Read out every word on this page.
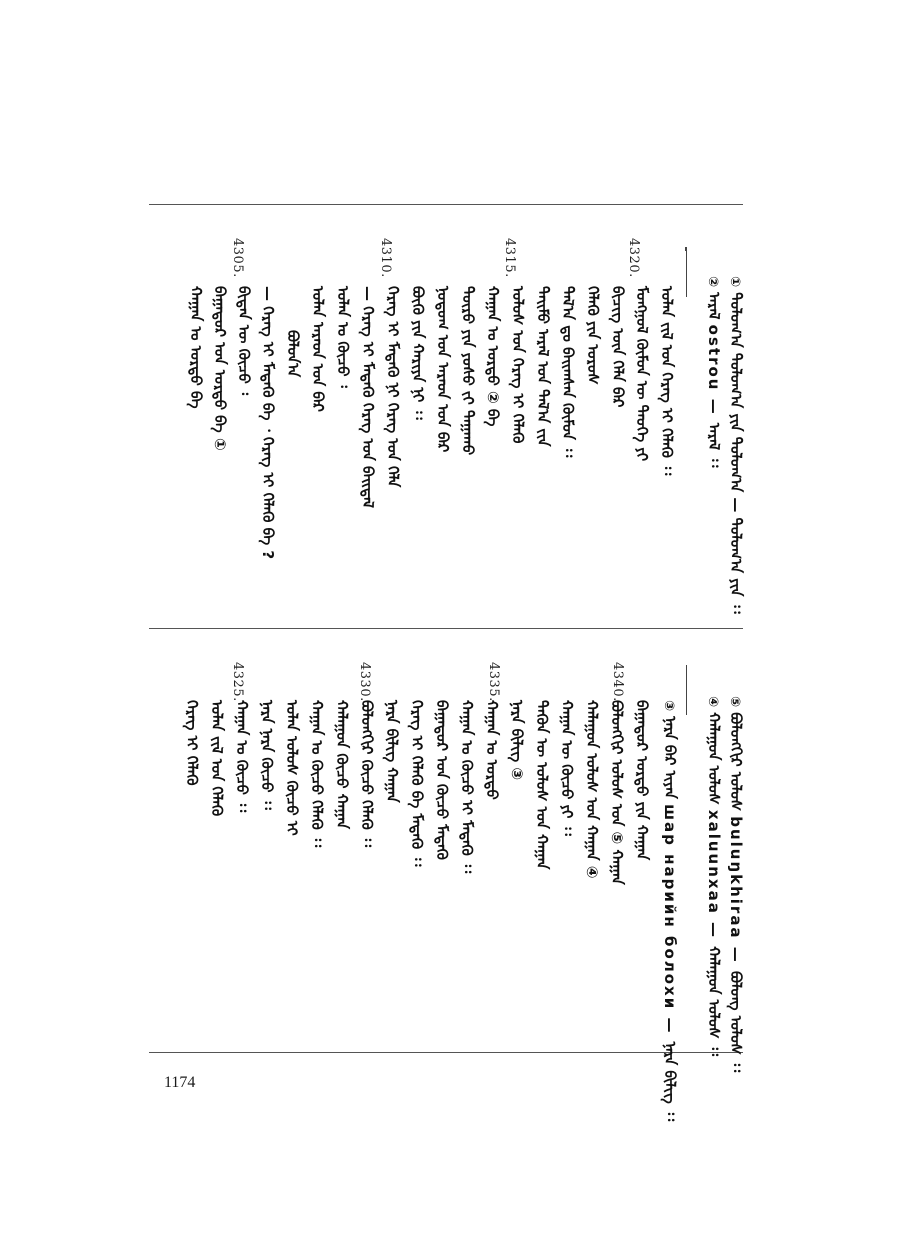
② ᠠᠷᠠᠯ ostrou — ᠠᠷᠠᠯ ᠄᠄
① ᠲᠣᠯᠣᠭ᠎ᠠ ᠲᠣᠯᠣᠭ᠎ᠠ ᠶᠢᠨ ᠲᠣᠯᠣᠭ᠎ᠠ — ᠲᠣᠯᠣᠭ᠎ᠠ ᠶᠢᠨ ᠄᠄
4320.
4315.
4310.
4305.
ᠣᠯᠠᠨ ᠵᠢᠯ ᠤᠨ ᠬᠡᠷᠡᠭ ᠢ ᠬᠡᠯᠡᠬᠦ ᠄᠄
ᠮᠣᠩᠭᠣᠯ ᠬᠦᠮᠦᠨ ᠦ ᠲᠡᠦᠬᠡ ᠶᠢ
ᠪᠢᠴᠢᠭ ᠦᠨ ᠬᠡᠯᠡ ᠪᠡᠷ
ᠬᠡᠯᠡᠬᠦ ᠶᠢᠨ ᠤᠷᠤᠰ
ᠲᠠᠯ᠎ᠠ ᠳᠤ ᠪᠠᠢᠭᠰᠠᠨ ᠬᠦᠮᠦᠨ ᠄᠄
ᠲᠠᠢᠮᠤ ᠠᠷᠠᠯ ᠤᠨ ᠲᠠᠯ᠎ᠠ ᠵᠢᠨ
ᠤᠯᠤᠰ ᠤᠨ ᠬᠡᠷᠡᠭ ᠢ ᠬᠡᠯᠡᠬᠦ
ᠬᠠᠭᠠᠨ ᠤ ᠣᠷᠳᠣ ② ᠪᠠ
ᠲᠥᠷᠥ ᠶᠢᠨ ᠶᠣᠰᠣ ᠵᠢ ᠳᠠᠭᠠᠬᠤ
ᠨᠤᠲᠤᠭ ᠤᠨ ᠠᠷᠠᠳ ᠤᠨ ᠪᠠᠷ
ᠪᠦᠬᠦ ᠶᠢᠨ ᠬᠠᠷᠢᠶᠠ ᠨᠢ ᠄᠄
ᠬᠡᠷᠡᠭ ᠢ ᠮᠡᠳᠡᠬᠦ ᠨᠢ ᠬᠡᠷᠡᠭ ᠤᠨ ᠬᠡᠯᠡ
— ᠬᠡᠷᠡᠭ ᠢ ᠮᠡᠳᠡᠬᠦ ᠬᠡᠷᠡᠭ ᠤᠨ ᠪᠠᠢᠳᠠᠯ
ᠣᠯᠠᠨ ᠤ ᠬᠦᠴᠦ ᠄
ᠣᠯᠠᠨ ᠠᠷᠠᠳ ᠤᠨ ᠪᠠᠷ
ᠪᠣᠯᠤᠨ᠎ᠠ
— ᠬᠡᠷᠡᠭ ᠢ ᠮᠡᠳᠡᠬᠦ ᠪᠠ ᠂ ᠬᠡᠷᠡᠭ ᠢ ᠬᠡᠯᠡᠬᠦ ᠪᠠ ?
ᠪᠢᠳᠡᠨ ᠦ ᠬᠦᠴᠦ ᠄
ᠪᠠᠭᠠᠲᠤᠷ ᠤᠨ ᠣᠷᠳᠣ ᠪᠠ ①
ᠬᠠᠭᠠᠨ ᠤ ᠣᠷᠳᠣ ᠪᠠ
⑤ ᠪᠤᠯᠤᠩᠬᠢᠷ ᠤᠯᠤᠰ buluŋkhiraa — ᠪᠤᠯᠤᠩ ᠤᠯᠤᠰ ᠄᠄
④ ᠬᠠᠯᠠᠭᠤᠨ ᠤᠯᠤᠰ xaluunxaa — ᠬᠠᠯᠠᠭᠤᠨ ᠤᠯᠤᠰ ᠄᠄
③ ᠨᠠᠷᠠ ᠪᠠᠷ ᠢᠶᠠᠨ шар нарийн болохи — ᠨᠠᠷᠠ ᠪᠢᠯᠢᠭ ᠄᠄
4340.
4335.
4330.
4325.
ᠪᠠᠭᠠᠲᠤᠷ ᠣᠷᠳᠣ ᠶᠢᠨ ᠬᠠᠭᠠᠨ
ᠪᠤᠯᠤᠩᠬᠢᠷ ᠤᠯᠤᠰ ᠤᠨ ⑤ ᠬᠠᠭᠠᠨ
ᠬᠠᠯᠠᠭᠤᠨ ᠤᠯᠤᠰ ᠤᠨ ᠬᠠᠭᠠᠨ ④
ᠬᠠᠭᠠᠨ ᠦ ᠬᠦᠴᠦ ᠶᠢ ᠄᠄
ᠲᠡᠭᠦᠨ ᠦ ᠤᠯᠤᠰ ᠤᠨ ᠬᠠᠭᠠᠨ
ᠨᠠᠷᠠ ᠪᠢᠯᠢᠭ ③
ᠬᠠᠭᠠᠨ ᠤ ᠣᠷᠳᠣ
ᠬᠠᠭᠠᠨ ᠤ ᠬᠦᠴᠦ ᠢ ᠮᠡᠳᠡᠬᠦ ᠄᠄
ᠪᠠᠭᠠᠲᠤᠷ ᠤᠨ ᠬᠦᠴᠦ ᠮᠡᠳᠡᠬᠦ
ᠬᠡᠷᠡᠭ ᠢ ᠬᠡᠯᠡᠬᠦ ᠪᠠ ᠮᠡᠳᠡᠬᠦ ᠄᠄
ᠨᠠᠷᠠ ᠪᠢᠯᠢᠭ ᠬᠠᠭᠠᠨ
ᠪᠤᠯᠤᠩᠬᠢᠷ ᠬᠦᠴᠦ ᠬᠡᠯᠡᠬᠦ ᠄᠄
ᠬᠠᠯᠠᠭᠤᠨ ᠬᠦᠴᠦ ᠬᠠᠭᠠᠨ
ᠬᠠᠭᠠᠨ ᠤ ᠬᠦᠴᠦ ᠬᠡᠯᠡᠬᠦ ᠄᠄
ᠣᠯᠠᠨ ᠤᠯᠤᠰ ᠬᠦᠴᠦ ᠢ
ᠨᠠᠷᠠ ᠨᠠᠷᠠ ᠬᠦᠴᠦ ᠄᠄
ᠬᠠᠭᠠᠨ ᠤ ᠬᠦᠴᠦ ᠄᠄
ᠣᠯᠠᠨ ᠵᠢᠯ ᠤᠨ ᠬᠡᠯᠡᠬᠦ
ᠬᠡᠷᠡᠭ ᠢ ᠬᠡᠯᠡᠬᠦ
1174
